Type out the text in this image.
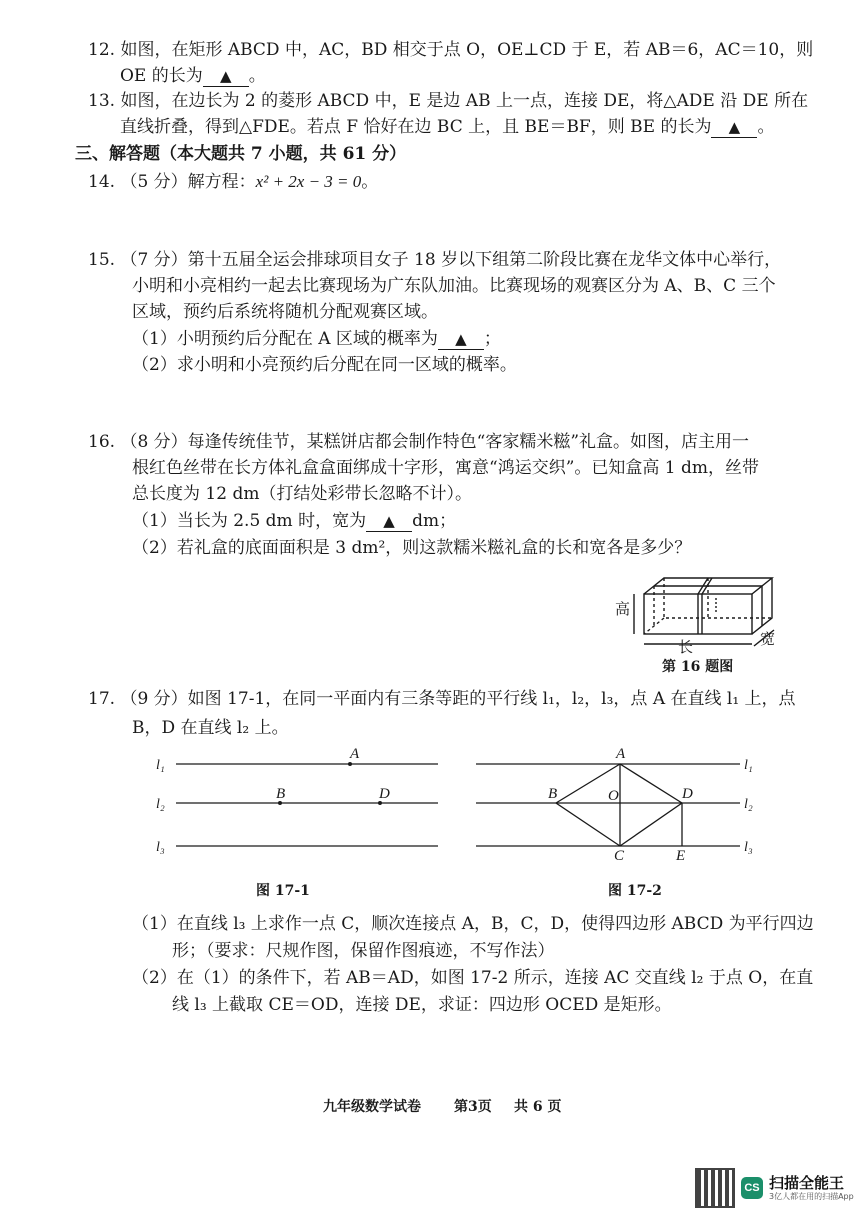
12. 如图，在矩形 ABCD 中，AC，BD 相交于点 O，OE⊥CD 于 E，若 AB＝6，AC＝10，则
OE 的长为 ▲ 。
13. 如图，在边长为 2 的菱形 ABCD 中，E 是边 AB 上一点，连接 DE，将△ADE 沿 DE 所在
直线折叠，得到△FDE。若点 F 恰好在边 BC 上，且 BE＝BF，则 BE 的长为 ▲ 。
三、解答题（本大题共 7 小题，共 61 分）
14. （5 分）解方程：x² + 2x − 3 = 0。
15. （7 分）第十五届全运会排球项目女子 18 岁以下组第二阶段比赛在龙华文体中心举行，
小明和小亮相约一起去比赛现场为广东队加油。比赛现场的观赛区分为 A、B、C 三个
区域，预约后系统将随机分配观赛区域。
（1）小明预约后分配在 A 区域的概率为 ▲ ；
（2）求小明和小亮预约后分配在同一区域的概率。
16. （8 分）每逢传统佳节，某糕饼店都会制作特色“客家糯米糍”礼盒。如图，店主用一
根红色丝带在长方体礼盒盒面绑成十字形，寓意“鸿运交织”。已知盒高 1 dm，丝带
总长度为 12 dm（打结处彩带长忽略不计）。
（1）当长为 2.5 dm 时，宽为 ▲ dm；
（2）若礼盒的底面面积是 3 dm²，则这款糯米糍礼盒的长和宽各是多少？
高
长	宽
第 16 题图
17. （9 分）如图 17-1，在同一平面内有三条等距的平行线 l₁，l₂，l₃，点 A 在直线 l₁ 上，点
B，D 在直线 l₂ 上。
l₁
l₂
l₃
A
B	D
图 17-1
A
B	O	D
C	E
l₁
l₂
l₃
图 17-2
（1）在直线 l₃ 上求作一点 C，顺次连接点 A，B，C，D，使得四边形 ABCD 为平行四边
形；（要求：尺规作图，保留作图痕迹，不写作法）
（2）在（1）的条件下，若 AB＝AD，如图 17-2 所示，连接 AC 交直线 l₂ 于点 O，在直
线 l₃ 上截取 CE＝OD，连接 DE，求证：四边形 OCED 是矩形。
九年级数学试卷 第3页 共 6 页
CS 扫描全能王
3亿人都在用的扫描App
